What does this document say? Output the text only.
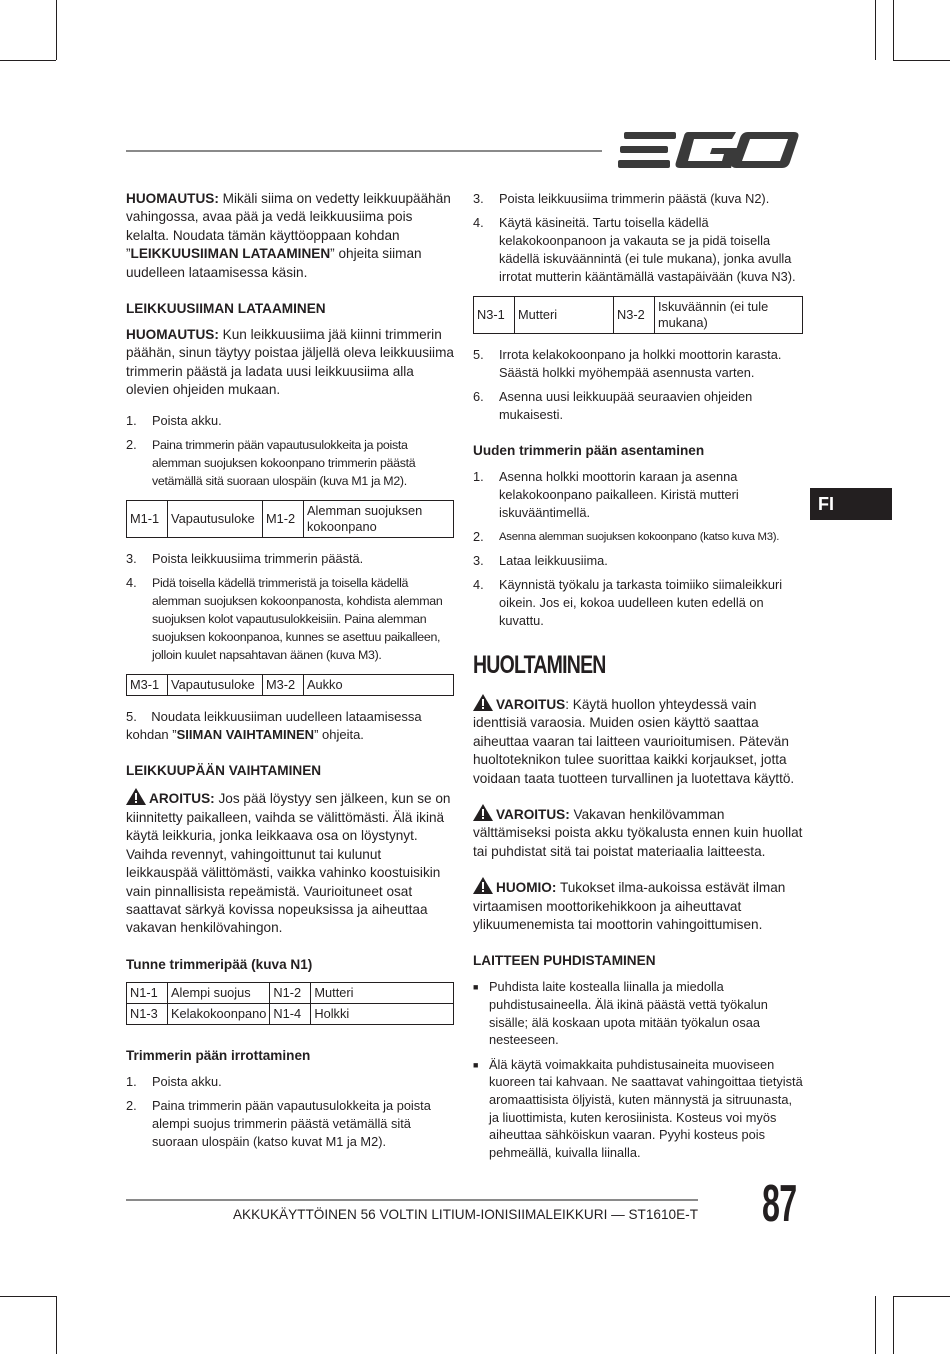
FI

HUOMAUTUS: Mikäli siima on vedetty leikkuupäähän vahingossa, avaa pää ja vedä leikkuusiima pois kelalta. Noudata tämän käyttöoppaan kohdan ”LEIKKUUSIIMAN LATAAMINEN” ohjeita siiman uudelleen lataamisessa käsin.

LEIKKUUSIIMAN LATAAMINEN

HUOMAUTUS: Kun leikkuusiima jää kiinni trimmerin päähän, sinun täytyy poistaa jäljellä oleva leikkuusiima trimmerin päästä ja ladata uusi leikkuusiima alla olevien ohjeiden mukaan.

1.	Poista akku.
2.	Paina trimmerin pään vapautusulokkeita ja poista alemman suojuksen kokoonpano trimmerin päästä vetämällä sitä suoraan ulospäin (kuva M1 ja M2).
M1-1	Vapautusuloke	M1-2	Alemman suojuksen kokoonpano
3.	Poista leikkuusiima trimmerin päästä.
4.	Pidä toisella kädellä trimmeristä ja toisella kädellä alemman suojuksen kokoonpanosta, kohdista alemman suojuksen kolot vapautusulokkeisiin. Paina alemman suojuksen kokoonpanoa, kunnes se asettuu paikalleen, jolloin kuulet napsahtavan äänen (kuva M3).
M3-1	Vapautusuloke	M3-2	Aukko

5. Noudata leikkuusiiman uudelleen lataamisessa kohdan ”SIIMAN VAIHTAMINEN” ohjeita.

LEIKKUUPÄÄN VAIHTAMINEN

AROITUS: Jos pää löystyy sen jälkeen, kun se on kiinnitetty paikalleen, vaihda se välittömästi. Älä ikinä käytä leikkuria, jonka leikkaava osa on löystynyt. Vaihda revennyt, vahingoittunut tai kulunut leikkauspää välittömästi, vaikka vahinko koostuisikin vain pinnallisista repeämistä. Vaurioituneet osat saattavat särkyä kovissa nopeuksissa ja aiheuttaa vakavan henkilövahingon.

Tunne trimmeripää (kuva N1)
N1-1	Alempi suojus	N1-2	Mutteri
N1-3	Kelakokoonpano	N1-4	Holkki
Trimmerin pään irrottaminen
1.	Poista akku.
2.	Paina trimmerin pään vapautusulokkeita ja poista alempi suojus trimmerin päästä vetämällä sitä suoraan ulospäin (katso kuvat M1 ja M2).
3.	Poista leikkuusiima trimmerin päästä (kuva N2).
4.	Käytä käsineitä. Tartu toisella kädellä kelakokoonpanoon ja vakauta se ja pidä toisella kädellä iskuväännintä (ei tule mukana), jonka avulla irrotat mutterin kääntämällä vastapäivään (kuva N3).
N3-1	Mutteri	N3-2	Iskuväännin (ei tule mukana)
5.	Irrota kelakokoonpano ja holkki moottorin karasta. Säästä holkki myöhempää asennusta varten.
6.	Asenna uusi leikkuupää seuraavien ohjeiden mukaisesti.
Uuden trimmerin pään asentaminen
1.	Asenna holkki moottorin karaan ja asenna kelakokoonpano paikalleen. Kiristä mutteri iskuvääntimellä.
2.	Asenna alemman suojuksen kokoonpano (katso kuva M3).
3.	Lataa leikkuusiima.
4.	Käynnistä työkalu ja tarkasta toimiiko siimaleikkuri oikein. Jos ei, kokoa uudelleen kuten edellä on kuvattu.
HUOLTAMINEN

VAROITUS: Käytä huollon yhteydessä vain identtisiä varaosia. Muiden osien käyttö saattaa aiheuttaa vaaran tai laitteen vaurioitumisen. Pätevän huoltoteknikon tulee suorittaa kaikki korjaukset, jotta voidaan taata tuotteen turvallinen ja luotettava käyttö.

VAROITUS: Vakavan henkilövamman välttämiseksi poista akku työkalusta ennen kuin huollat tai puhdistat sitä tai poistat materiaalia laitteesta.

HUOMIO: Tukokset ilma-aukoissa estävät ilman virtaamisen moottorikehikkoon ja aiheuttavat ylikuumenemista tai moottorin vahingoittumisen.

LAITTEEN PUHDISTAMINEN
■ Puhdista laite kostealla liinalla ja miedolla puhdistusaineella. Älä ikinä päästä vettä työkalun sisälle; älä koskaan upota mitään työkalun osaa nesteeseen.
■ Älä käytä voimakkaita puhdistusaineita muoviseen kuoreen tai kahvaan. Ne saattavat vahingoittaa tietyistä aromaattisista öljyistä, kuten männystä ja sitruunasta, ja liuottimista, kuten kerosiinista. Kosteus voi myös aiheuttaa sähköiskun vaaran. Pyyhi kosteus pois pehmeällä, kuivalla liinalla.
AKKUKÄYTTÖINEN 56 VOLTIN LITIUM-IONISIIMALEIKKURI — ST1610E-T 87
